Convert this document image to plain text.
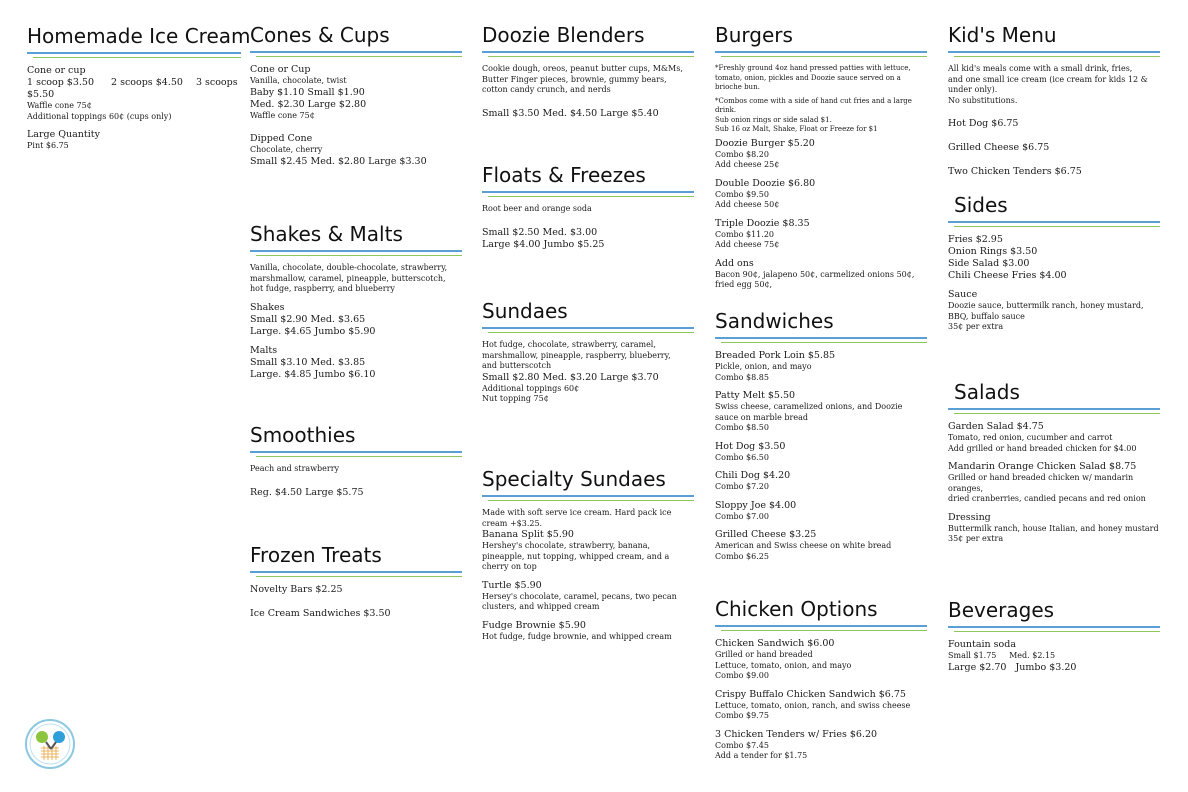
Homemade Ice Cream
Cone or cup
1 scoop $3.50 2 scoops $4.50 3 scoops $5.50
Waffle cone 75¢
Additional toppings 60¢ (cups only)
Large Quantity
Pint $6.75
Cones & Cups
Cone or Cup
Vanilla, chocolate, twist
Baby $1.10 Small $1.90
Med. $2.30 Large $2.80
Waffle cone 75¢
Dipped Cone
Chocolate, cherry
Small $2.45 Med. $2.80 Large $3.30
Shakes & Malts
Vanilla, chocolate, double-chocolate, strawberry, marshmallow, caramel, pineapple, butterscotch, hot fudge, raspberry, and blueberry
Shakes
Small $2.90 Med. $3.65
Large. $4.65 Jumbo $5.90
Malts
Small $3.10 Med. $3.85
Large. $4.85 Jumbo $6.10
Smoothies
Peach and strawberry
Reg. $4.50 Large $5.75
Frozen Treats
Novelty Bars $2.25
Ice Cream Sandwiches $3.50
Doozie Blenders
Cookie dough, oreos, peanut butter cups, M&Ms, Butter Finger pieces, brownie, gummy bears, cotton candy crunch, and nerds
Small $3.50 Med. $4.50 Large $5.40
Floats & Freezes
Root beer and orange soda
Small $2.50 Med. $3.00
Large $4.00 Jumbo $5.25
Sundaes
Hot fudge, chocolate, strawberry, caramel, marshmallow, pineapple, raspberry, blueberry, and butterscotch
Small $2.80 Med. $3.20 Large $3.70
Additional toppings 60¢
Nut topping 75¢
Specialty Sundaes
Made with soft serve ice cream. Hard pack ice cream +$3.25.
Banana Split $5.90
Hershey's chocolate, strawberry, banana, pineapple, nut topping, whipped cream, and a cherry on top
Turtle $5.90
Hersey's chocolate, caramel, pecans, two pecan clusters, and whipped cream
Fudge Brownie $5.90
Hot fudge, fudge brownie, and whipped cream
Burgers
*Freshly ground 4oz hand pressed patties with lettuce, tomato, onion, pickles and Doozie sauce served on a brioche bun.
*Combos come with a side of hand cut fries and a large drink.
Sub onion rings or side salad $1.
Sub 16 oz Malt, Shake, Float or Freeze for $1
Doozie Burger $5.20
Combo $8.20
Add cheese 25¢
Double Doozie $6.80
Combo $9.50
Add cheese 50¢
Triple Doozie $8.35
Combo $11.20
Add cheese 75¢
Add ons
Bacon 90¢, jalapeno 50¢, carmelized onions 50¢,
fried egg 50¢,
Sandwiches
Breaded Pork Loin $5.85
Pickle, onion, and mayo
Combo $8.85
Patty Melt $5.50
Swiss cheese, caramelized onions, and Doozie sauce on marble bread
Combo $8.50
Hot Dog $3.50
Combo $6.50
Chili Dog $4.20
Combo $7.20
Sloppy Joe $4.00
Combo $7.00
Grilled Cheese $3.25
American and Swiss cheese on white bread
Combo $6.25
Chicken Options
Chicken Sandwich $6.00
Grilled or hand breaded
Lettuce, tomato, onion, and mayo
Combo $9.00
Crispy Buffalo Chicken Sandwich $6.75
Lettuce, tomato, onion, ranch, and swiss cheese
Combo $9.75
3 Chicken Tenders w/ Fries $6.20
Combo $7.45
Add a tender for $1.75
Kid's Menu
All kid's meals come with a small drink, fries,
and one small ice cream (ice cream for kids 12 & under only).
No substitutions.
Hot Dog $6.75
Grilled Cheese $6.75
Two Chicken Tenders $6.75
Sides
Fries $2.95
Onion Rings $3.50
Side Salad $3.00
Chili Cheese Fries $4.00
Sauce
Doozie sauce, buttermilk ranch, honey mustard,
BBQ, buffalo sauce
35¢ per extra
Salads
Garden Salad $4.75
Tomato, red onion, cucumber and carrot
Add grilled or hand breaded chicken for $4.00
Mandarin Orange Chicken Salad $8.75
Grilled or hand breaded chicken w/ mandarin oranges,
dried cranberries, candied pecans and red onion
Dressing
Buttermilk ranch, house Italian, and honey mustard
35¢ per extra
Beverages
Fountain soda
Small $1.75     Med. $2.15
Large $2.70   Jumbo $3.20
